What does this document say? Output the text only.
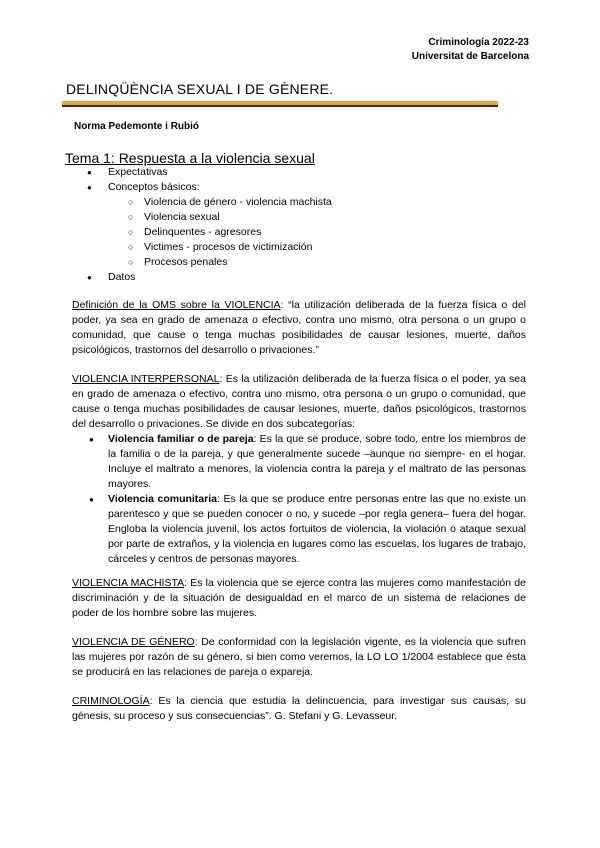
Criminología 2022-23
Universitat de Barcelona
DELINQÜÈNCIA SEXUAL I DE GÈNERE.
Norma Pedemonte i Rubió
Tema 1: Respuesta a la violencia sexual
● Expectativas
● Conceptos básicos:
○ Violencia de género - violencia machista
○ Violencia sexual
○ Delinquentes - agresores
○ Victimes - procesos de victimización
○ Procesos penales
● Datos

Definición de la OMS sobre la VIOLENCIA: “la utilización deliberada de la fuerza física o del poder, ya sea en grado de amenaza o efectivo, contra uno mismo, otra persona o un grupo o comunidad, que cause o tenga muchas posibilidades de causar lesiones, muerte, daños psicológicos, trastornos del desarrollo o privaciones.”

VIOLENCIA INTERPERSONAL: Es la utilización deliberada de la fuerza física o el poder, ya sea en grado de amenaza o efectivo, contra uno mismo, otra persona o un grupo o comunidad, que cause o tenga muchas posibilidades de causar lesiones, muerte, daños psicológicos, trastornos del desarrollo o privaciones. Se divide en dos subcategorías:
● Violencia familiar o de pareja: Es la que se produce, sobre todo, entre los miembros de la familia o de la pareja, y que generalmente sucede –aunque no siempre- en el hogar. Incluye el maltrato a menores, la violencia contra la pareja y el maltrato de las personas mayores.
● Violencia comunitaria: Es la que se produce entre personas entre las que no existe un parentesco y que se pueden conocer o no, y sucede –por regla genera– fuera del hogar. Engloba la violencia juvenil, los actos fortuitos de violencia, la violación o ataque sexual por parte de extraños, y la violencia en lugares como las escuelas, los lugares de trabajo, cárceles y centros de personas mayores.

VIOLENCIA MACHISTA: Es la violencia que se ejerce contra las mujeres como manifestación de discriminación y de la situación de desigualdad en el marco de un sistema de relaciones de poder de los hombre sobre las mujeres.

VIOLENCIA DE GÉNERO: De conformidad con la legislación vigente, es la violencia que sufren las mujeres por razón de su género, si bien como veremos, la LO LO 1/2004 establece que ésta se producirá en las relaciones de pareja o expareja.

CRIMINOLOGÍA: Es la ciencia que estudia la delincuencia, para investigar sus causas, su génesis, su proceso y sus consecuencias”. G. Stefani y G. Levasseur.
